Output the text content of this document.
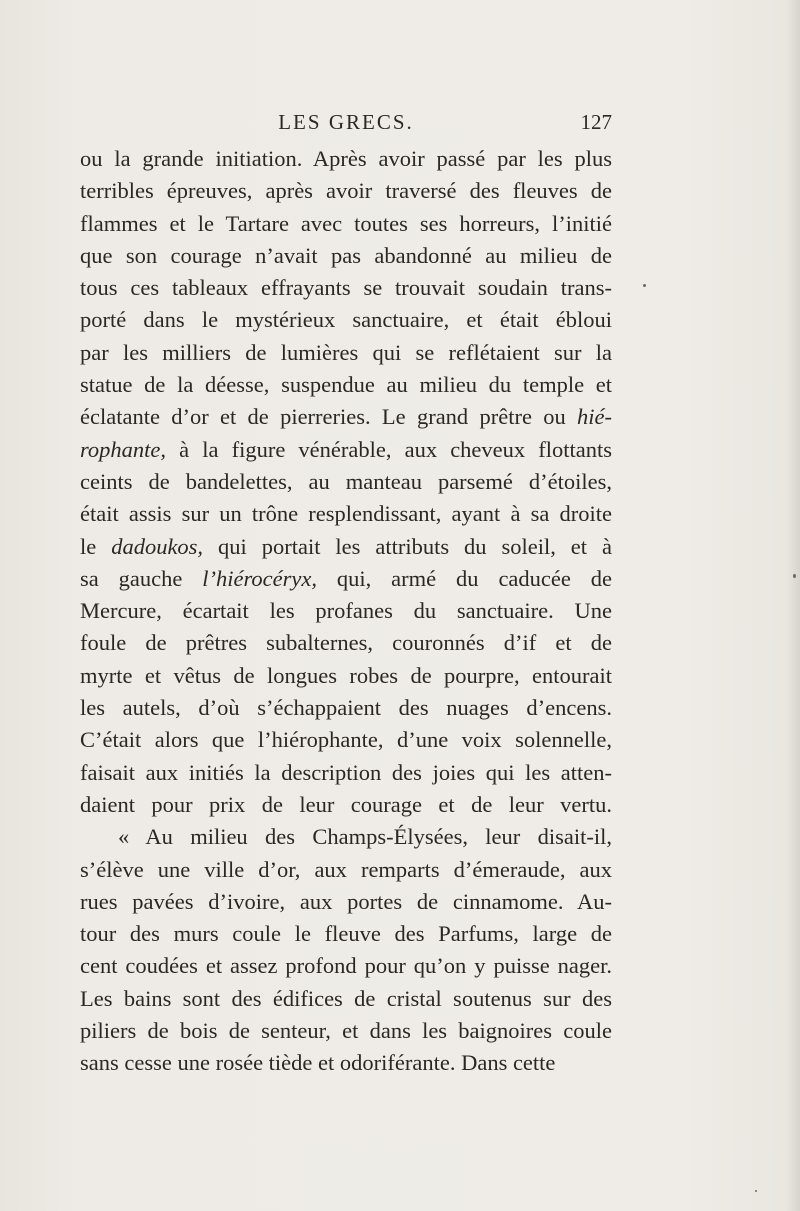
LES GRECS.	127
ou la grande initiation. Après avoir passé par les plus
terribles épreuves, après avoir traversé des fleuves de
flammes et le Tartare avec toutes ses horreurs, l’initié
que son courage n’avait pas abandonné au milieu de
tous ces tableaux effrayants se trouvait soudain trans-
porté dans le mystérieux sanctuaire, et était ébloui
par les milliers de lumières qui se reflétaient sur la
statue de la déesse, suspendue au milieu du temple et
éclatante d’or et de pierreries. Le grand prêtre ou hié-
rophante, à la figure vénérable, aux cheveux flottants
ceints de bandelettes, au manteau parsemé d’étoiles,
était assis sur un trône resplendissant, ayant à sa droite
le dadoukos, qui portait les attributs du soleil, et à
sa gauche l’hiérocéryx, qui, armé du caducée de
Mercure, écartait les profanes du sanctuaire. Une
foule de prêtres subalternes, couronnés d’if et de
myrte et vêtus de longues robes de pourpre, entourait
les autels, d’où s’échappaient des nuages d’encens.
C’était alors que l’hiérophante, d’une voix solennelle,
faisait aux initiés la description des joies qui les atten-
daient pour prix de leur courage et de leur vertu.
« Au milieu des Champs-Élysées, leur disait-il,
s’élève une ville d’or, aux remparts d’émeraude, aux
rues pavées d’ivoire, aux portes de cinnamome. Au-
tour des murs coule le fleuve des Parfums, large de
cent coudées et assez profond pour qu’on y puisse nager.
Les bains sont des édifices de cristal soutenus sur des
piliers de bois de senteur, et dans les baignoires coule
sans cesse une rosée tiède et odoriférante. Dans cette
